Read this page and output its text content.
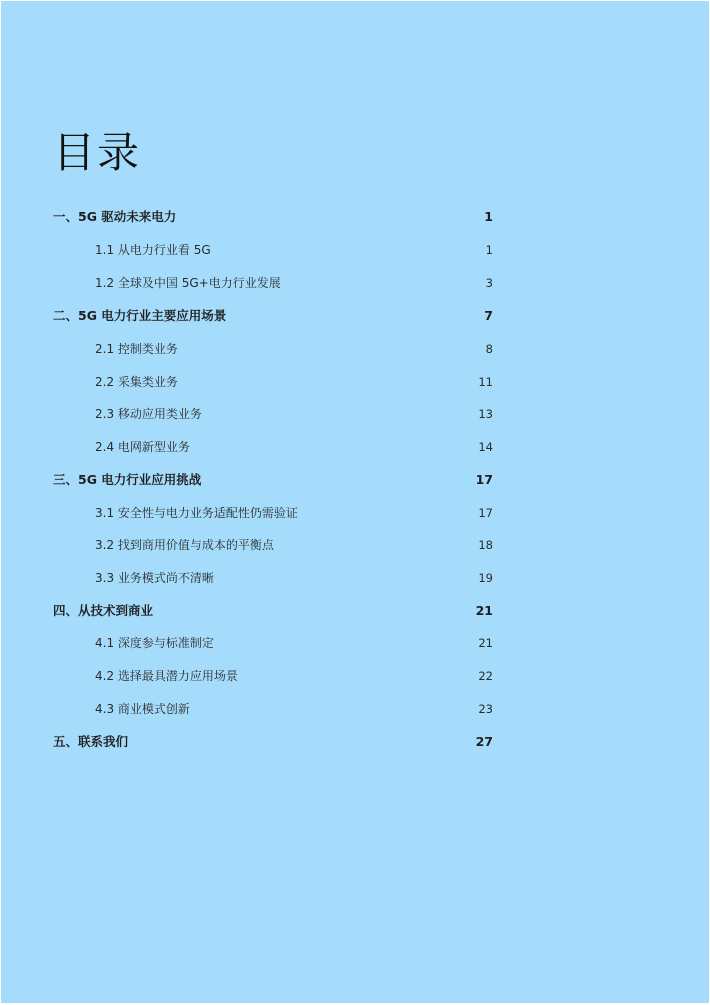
目录
一、5G 驱动未来电力	1
1.1 从电力行业看 5G	1
1.2 全球及中国 5G+电力行业发展	3
二、5G 电力行业主要应用场景	7
2.1 控制类业务	8
2.2 采集类业务	11
2.3 移动应用类业务	13
2.4 电网新型业务	14
三、5G 电力行业应用挑战	17
3.1 安全性与电力业务适配性仍需验证	17
3.2 找到商用价值与成本的平衡点	18
3.3 业务模式尚不清晰	19
四、从技术到商业	21
4.1 深度参与标准制定	21
4.2 选择最具潜力应用场景	22
4.3 商业模式创新	23
五、联系我们	27
